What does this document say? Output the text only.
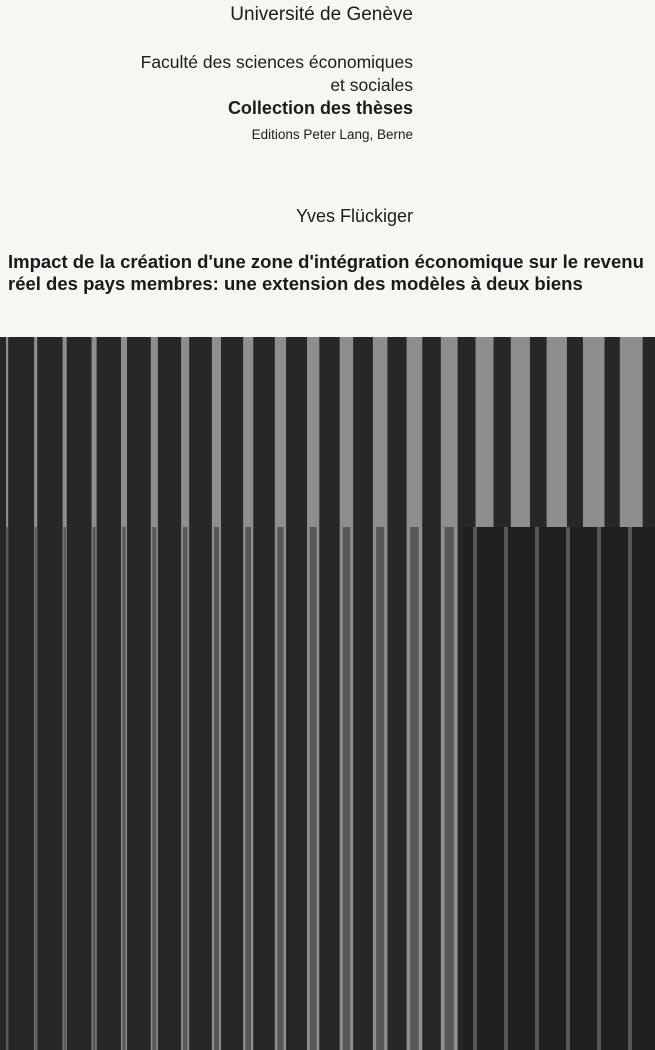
Université de Genève
Faculté des sciences économiques
et sociales
Collection des thèses
Editions Peter Lang, Berne
Yves Flückiger
Impact de la création d'une zone d'intégration économique sur le revenu réel des pays membres: une extension des modèles à deux biens
